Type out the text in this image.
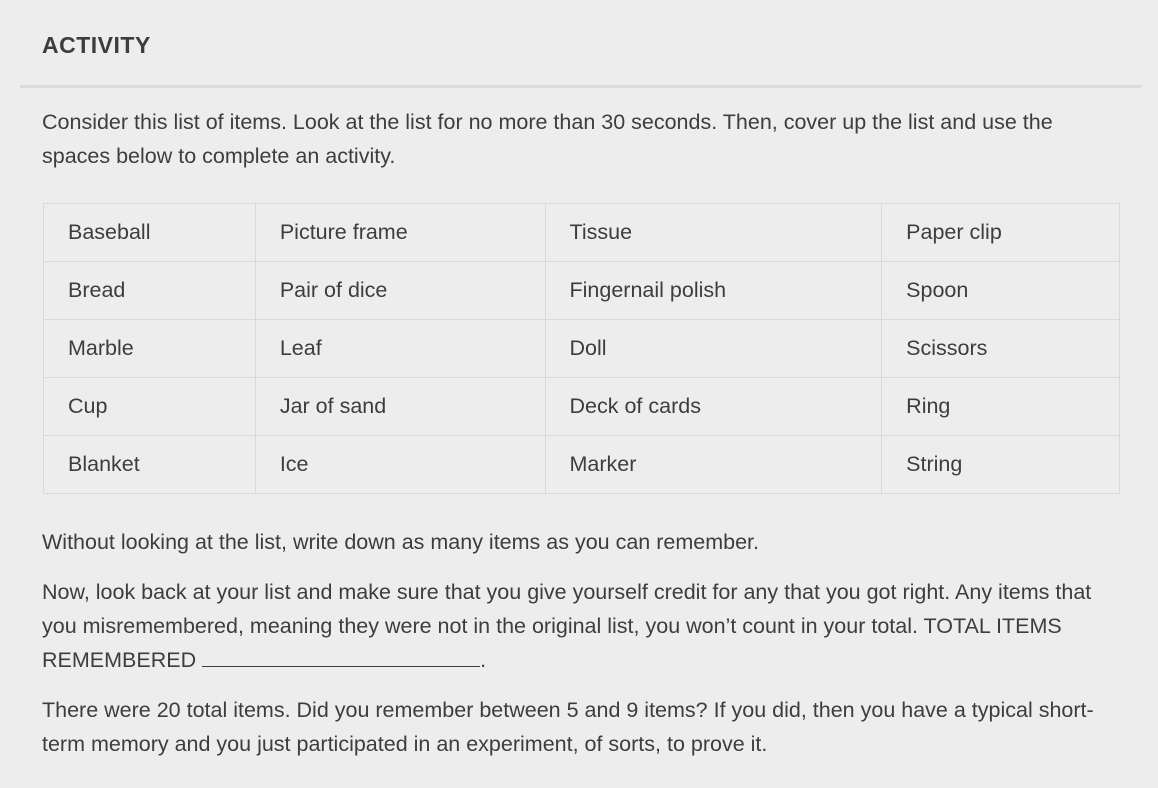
ACTIVITY

Consider this list of items. Look at the list for no more than 30 seconds. Then, cover up the list and use the spaces below to complete an activity.

Baseball	Picture frame	Tissue	Paper clip
Bread	Pair of dice	Fingernail polish	Spoon
Marble	Leaf	Doll	Scissors
Cup	Jar of sand	Deck of cards	Ring
Blanket	Ice	Marker	String

Without looking at the list, write down as many items as you can remember.

Now, look back at your list and make sure that you give yourself credit for any that you got right. Any items that you misremembered, meaning they were not in the original list, you won’t count in your total. TOTAL ITEMS REMEMBERED	.

There were 20 total items. Did you remember between 5 and 9 items? If you did, then you have a typical short-term memory and you just participated in an experiment, of sorts, to prove it.
